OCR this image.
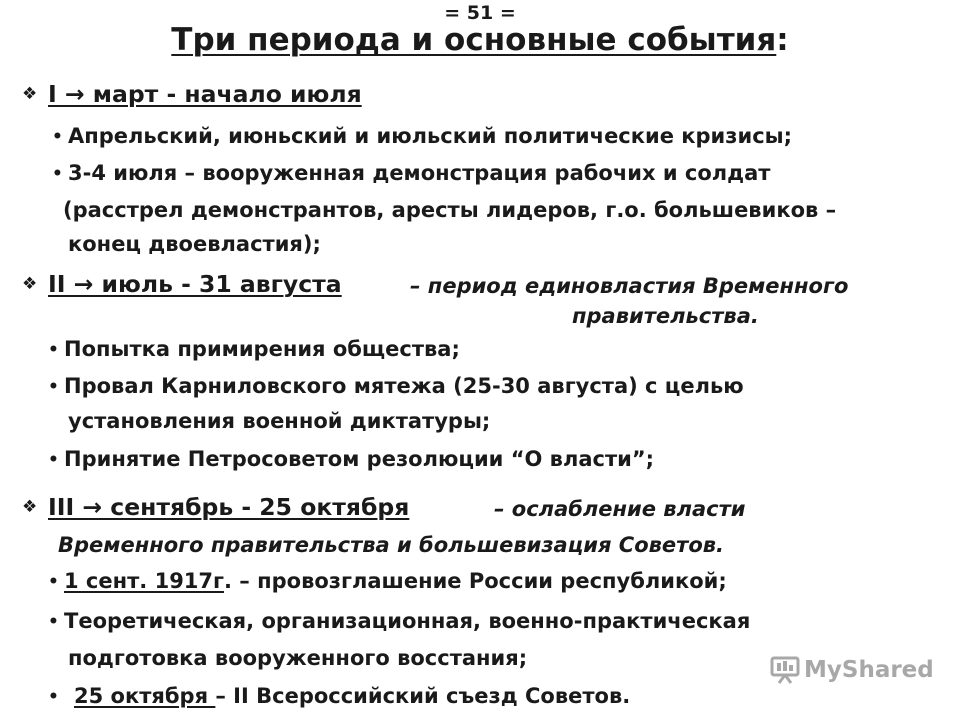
= 51 =
Три периода и основные события:
❖ I → март - начало июля
• Апрельский, июньский и июльский политические кризисы;
• 3-4 июля – вооруженная демонстрация рабочих и солдат
(расстрел демонстрантов, аресты лидеров, г.о. большевиков –
конец двоевластия);
❖ II → июль - 31 августа	– период единовластия Временного
правительства.
• Попытка примирения общества;
• Провал Карниловского мятежа (25-30 августа) с целью
установления военной диктатуры;
• Принятие Петросоветом резолюции “О власти”;
❖ III → сентябрь - 25 октября	– ослабление власти
Временного правительства и большевизация Советов.
• 1 сент. 1917г. – провозглашение России республикой;
• Теоретическая, организационная, военно-практическая
подготовка вооруженного восстания;
• 25 октября – II Всероссийский съезд Советов.
MyShared
